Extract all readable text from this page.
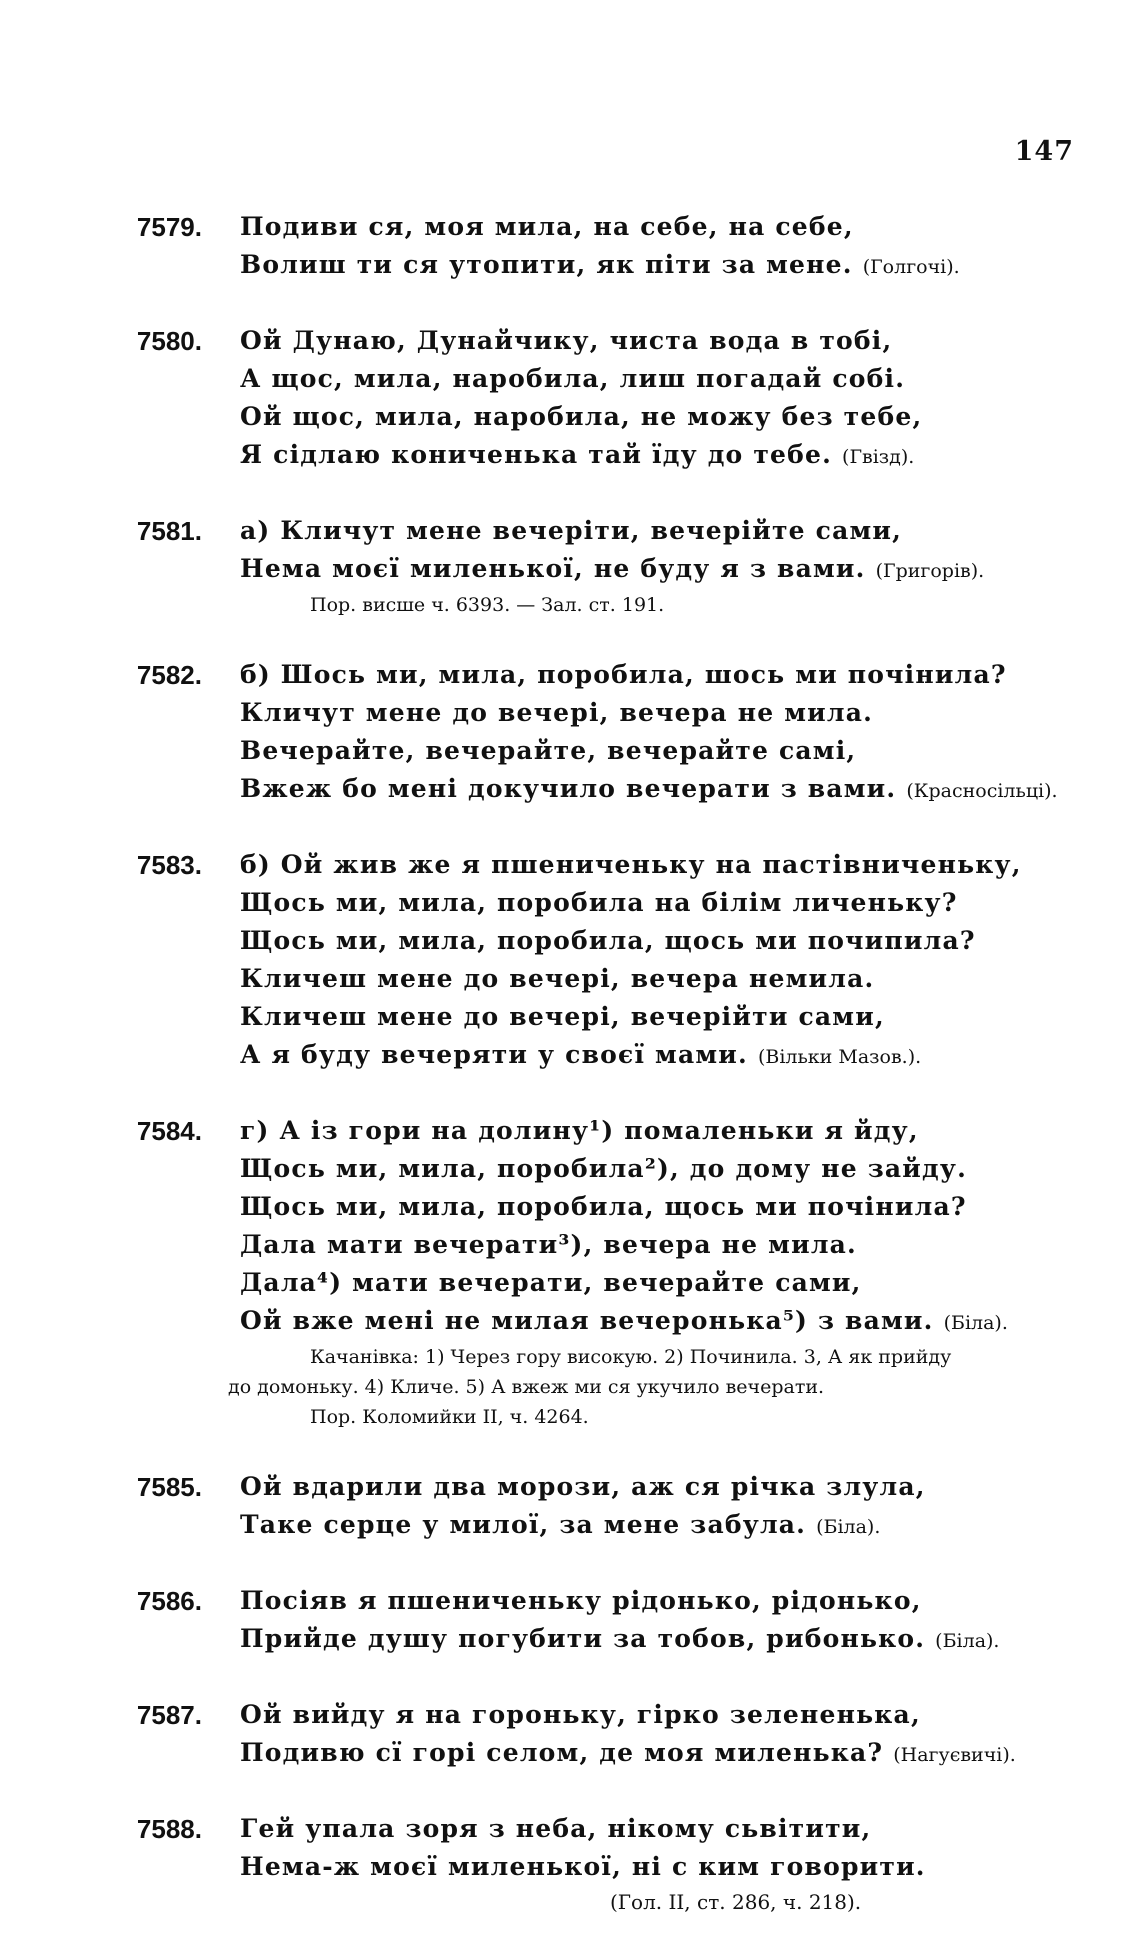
147
7579. Подиви ся, моя мила, на себе, на себе,
Волиш ти ся утопити, як піти за мене. (Голгочі).
7580. Ой Дунаю, Дунайчику, чиста вода в тобі,
А щос, мила, наробила, лиш погадай собі.
Ой щос, мила, наробила, не можу без тебе,
Я сідлаю кониченька тай їду до тебе. (Гвізд).
7581. а) Кличут мене вечеріти, вечерійте сами,
Нема моєї миленької, не буду я з вами. (Григорів).
Пор. висше ч. 6393. — Зал. ст. 191.
7582. б) Шось ми, мила, поробила, шось ми почінила?
Кличут мене до вечері, вечера не мила.
Вечерайте, вечерайте, вечерайте самі,
Вжеж бо мені докучило вечерати з вами. (Красносільці).
7583. б) Ой жив же я пшениченьку на пастівниченьку,
Щось ми, мила, поробила на білім личеньку?
Щось ми, мила, поробила, щось ми почипила?
Кличеш мене до вечері, вечера немила.
Кличеш мене до вечері, вечерійти сами,
А я буду вечеряти у своєї мами. (Вільки Мазов.).
7584. г) А із гори на долину¹) помаленьки я йду,
Щось ми, мила, поробила²), до дому не зайду.
Щось ми, мила, поробила, щось ми почінила?
Дала мати вечерати³), вечера не мила.
Дала⁴) мати вечерати, вечерайте сами,
Ой вже мені не милая вечеронька⁵) з вами. (Біла).
Качанівка: 1) Через гору високую. 2) Починила. 3, А як прийду
до домоньку. 4) Кличе. 5) А вжеж ми ся укучило вечерати.
Пор. Коломийки II, ч. 4264.
7585. Ой вдарили два морози, аж ся річка злула,
Таке серце у милої, за мене забула. (Біла).
7586. Посіяв я пшениченьку рідонько, рідонько,
Прийде душу погубити за тобов, рибонько. (Біла).
7587. Ой вийду я на гороньку, гірко зелененька,
Подивю сї горі селом, де моя миленька? (Нагуєвичі).
7588. Гей упала зоря з неба, нікому сьвітити,
Нема-ж моєї миленької, ні с ким говорити.
(Гол. II, ст. 286, ч. 218).
